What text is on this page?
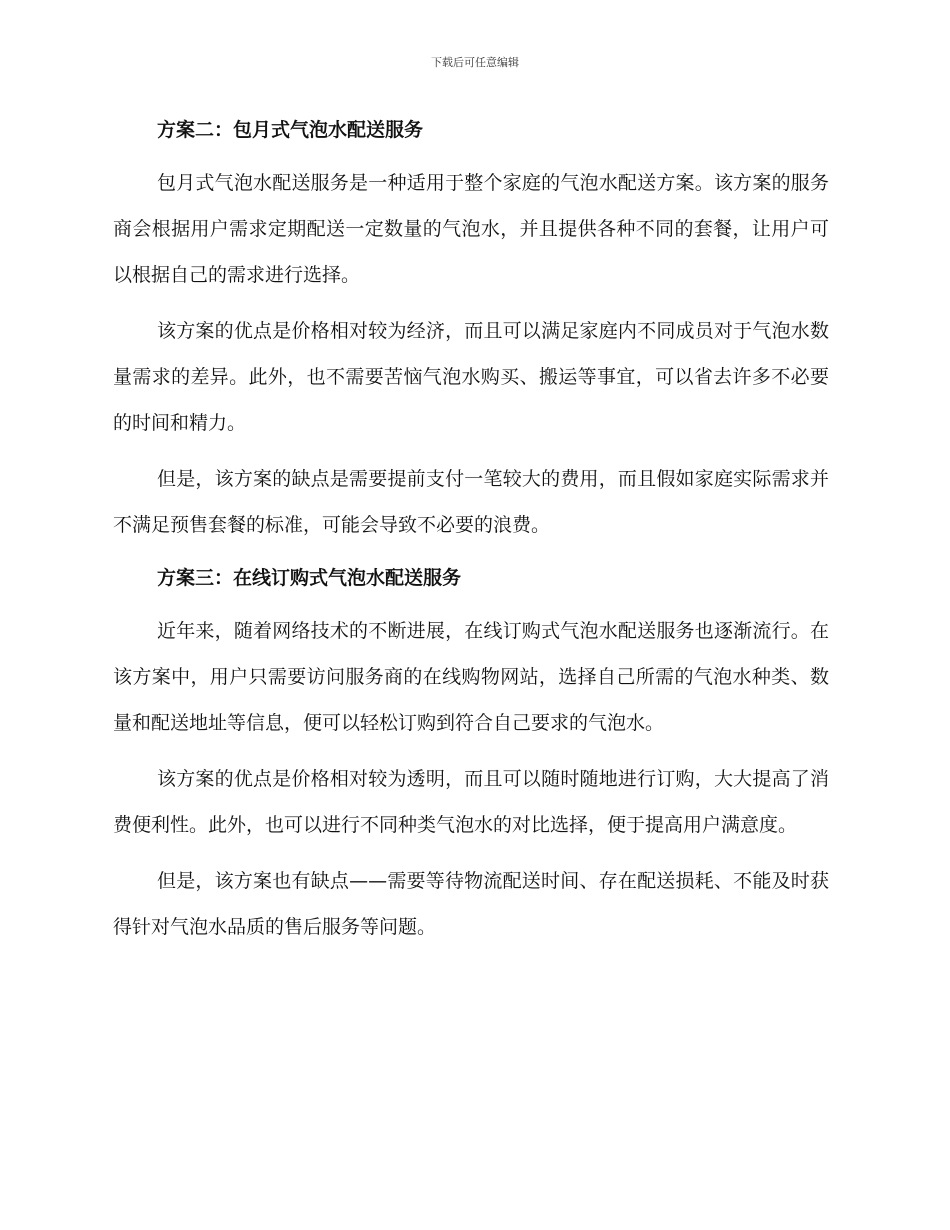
下载后可任意编辑
方案二：包月式气泡水配送服务

包月式气泡水配送服务是一种适用于整个家庭的气泡水配送方案。该方案的服务商会根据用户需求定期配送一定数量的气泡水，并且提供各种不同的套餐，让用户可以根据自己的需求进行选择。

该方案的优点是价格相对较为经济，而且可以满足家庭内不同成员对于气泡水数量需求的差异。此外，也不需要苦恼气泡水购买、搬运等事宜，可以省去许多不必要的时间和精力。

但是，该方案的缺点是需要提前支付一笔较大的费用，而且假如家庭实际需求并不满足预售套餐的标准，可能会导致不必要的浪费。

方案三：在线订购式气泡水配送服务

近年来，随着网络技术的不断进展，在线订购式气泡水配送服务也逐渐流行。在该方案中，用户只需要访问服务商的在线购物网站，选择自己所需的气泡水种类、数量和配送地址等信息，便可以轻松订购到符合自己要求的气泡水。

该方案的优点是价格相对较为透明，而且可以随时随地进行订购，大大提高了消费便利性。此外，也可以进行不同种类气泡水的对比选择，便于提高用户满意度。

但是，该方案也有缺点——需要等待物流配送时间、存在配送损耗、不能及时获得针对气泡水品质的售后服务等问题。
